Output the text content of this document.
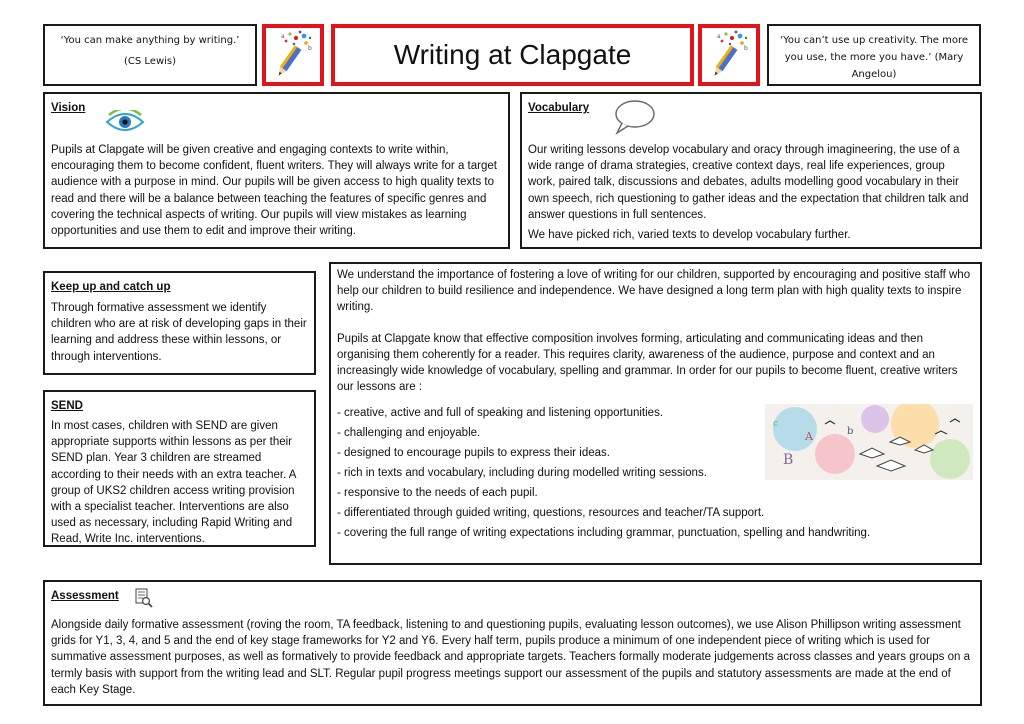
‘You can make anything by writing.’

(CS Lewis)

a
b	Writing at Clapgate
a
b

‘You can’t use up creativity. The more you use, the more you have.’ (Mary Angelou)

Vision

Pupils at Clapgate will be given creative and engaging contexts to write within, encouraging them to become confident, fluent writers. They will always write for a target audience with a purpose in mind. Our pupils will be given access to high quality texts to read and there will be a balance between teaching the features of specific genres and covering the technical aspects of writing. Our pupils will view mistakes as learning opportunities and use them to edit and improve their writing.

Vocabulary

Our writing lessons develop vocabulary and oracy through imagineering, the use of a wide range of drama strategies, creative context days, real life experiences, group work, paired talk, discussions and debates, adults modelling good vocabulary in their own speech, rich questioning to gather ideas and the expectation that children talk and answer questions in full sentences.

We have picked rich, varied texts to develop vocabulary further.

Keep up and catch up

Through formative assessment we identify children who are at risk of developing gaps in their learning and address these within lessons, or through interventions.

SEND

In most cases, children with SEND are given appropriate supports within lessons as per their SEND plan. Year 3 children are streamed according to their needs with an extra teacher. A group of UKS2 children access writing provision with a specialist teacher. Interventions are also used as necessary, including Rapid Writing and Read, Write Inc. interventions.

We understand the importance of fostering a love of writing for our children, supported by encouraging and positive staff who help our children to build resilience and independence. We have designed a long term plan with high quality texts to inspire writing.

Pupils at Clapgate know that effective composition involves forming, articulating and communicating ideas and then organising them coherently for a reader. This requires clarity, awareness of the audience, purpose and context and an increasingly wide knowledge of vocabulary, spelling and grammar. In order for our pupils to become fluent, creative writers our lessons are :

- creative, active and full of speaking and listening opportunities.
- challenging and enjoyable.
- designed to encourage pupils to express their ideas.
- rich in texts and vocabulary, including during modelled writing sessions.
- responsive to the needs of each pupil.
- differentiated through guided writing, questions, resources and teacher/TA support.
- covering the full range of writing expectations including grammar, punctuation, spelling and handwriting.
B
A	b
c
Assessment

Alongside daily formative assessment (roving the room, TA feedback, listening to and questioning pupils, evaluating lesson outcomes), we use Alison Phillipson writing assessment grids for Y1, 3, 4, and 5 and the end of key stage frameworks for Y2 and Y6. Every half term, pupils produce a minimum of one independent piece of writing which is used for summative assessment purposes, as well as formatively to provide feedback and appropriate targets. Teachers formally moderate judgements across classes and years groups on a termly basis with support from the writing lead and SLT. Regular pupil progress meetings support our assessment of the pupils and statutory assessments are made at the end of each Key Stage.
